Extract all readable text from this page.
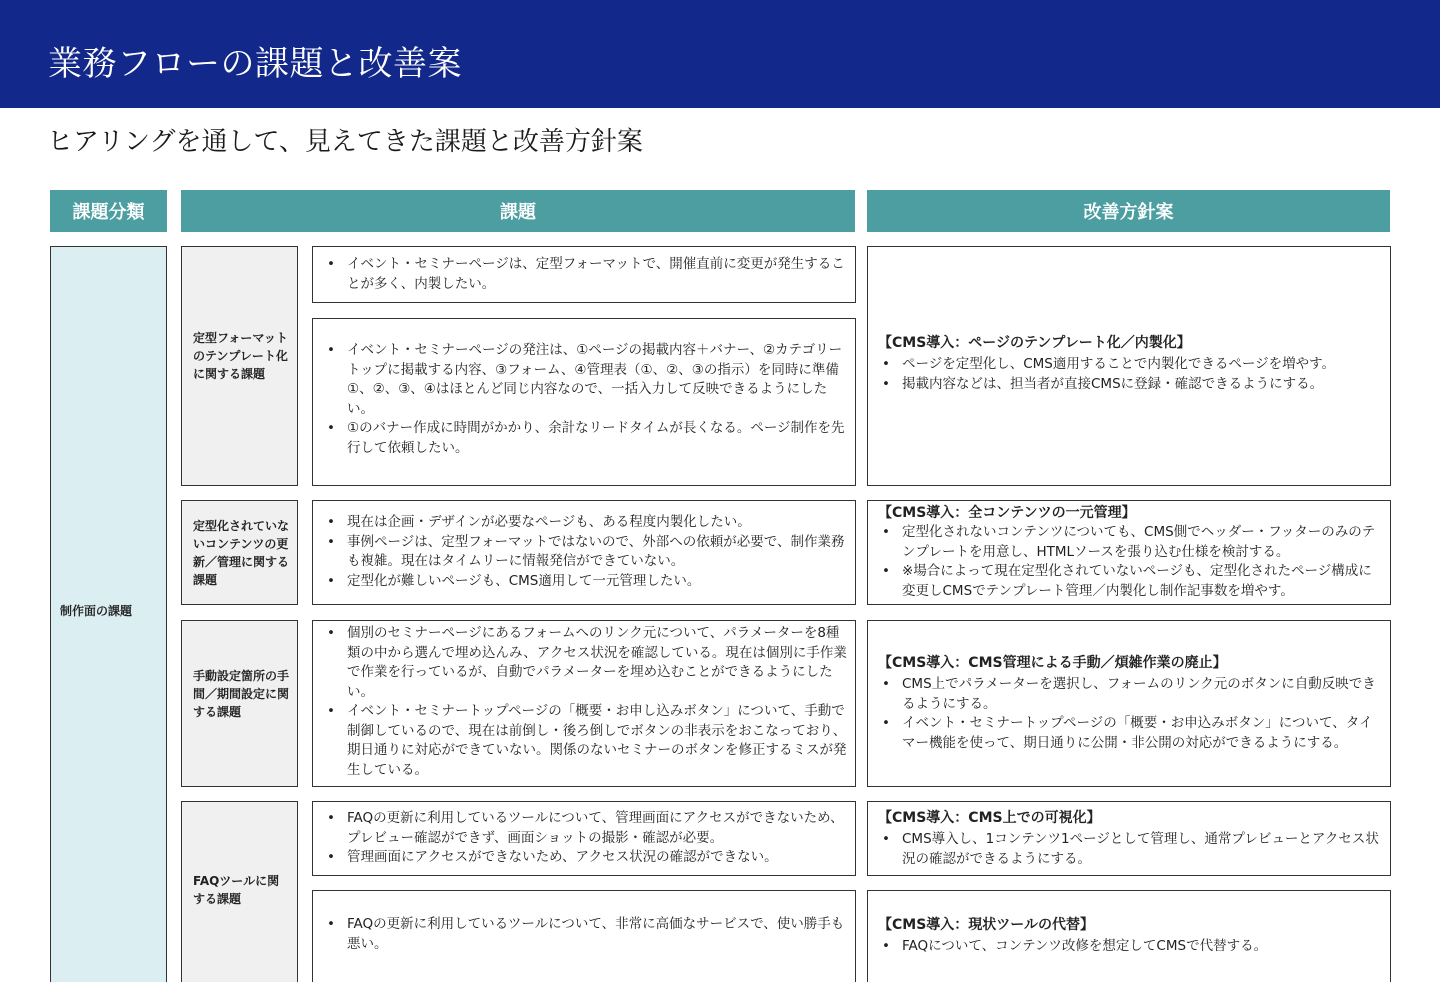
業務フローの課題と改善案
ヒアリングを通して、見えてきた課題と改善方針案
課題分類	課題	改善方針案
制作面の課題
定型フォーマットのテンプレート化に関する課題
定型化されていないコンテンツの更新／管理に関する課題
手動設定箇所の手間／期間設定に関する課題
FAQツールに関する課題
• イベント・セミナーページは、定型フォーマットで、開催直前に変更が発生することが多く、内製したい。
• イベント・セミナーページの発注は、①ページの掲載内容＋バナー、②カテゴリートップに掲載する内容、③フォーム、④管理表（①、②、③の指示）を同時に準備①、②、③、④はほとんど同じ内容なので、一括入力して反映できるようにしたい。
• ①のバナー作成に時間がかかり、余計なリードタイムが長くなる。ページ制作を先行して依頼したい。
• 現在は企画・デザインが必要なページも、ある程度内製化したい。
• 事例ページは、定型フォーマットではないので、外部への依頼が必要で、制作業務も複雑。現在はタイムリーに情報発信ができていない。
• 定型化が難しいページも、CMS適用して一元管理したい。
• 個別のセミナーページにあるフォームへのリンク元について、パラメーターを8種類の中から選んで埋め込んみ、アクセス状況を確認している。現在は個別に手作業で作業を行っているが、自動でパラメーターを埋め込むことができるようにしたい。
• イベント・セミナートップページの「概要・お申し込みボタン」について、手動で制御しているので、現在は前倒し・後ろ倒しでボタンの非表示をおこなっており、期日通りに対応ができていない。関係のないセミナーのボタンを修正するミスが発生している。
• FAQの更新に利用しているツールについて、管理画面にアクセスができないため、プレビュー確認ができず、画面ショットの撮影・確認が必要。
• 管理画面にアクセスができないため、アクセス状況の確認ができない。
• FAQの更新に利用しているツールについて、非常に高価なサービスで、使い勝手も悪い。
【CMS導入：ページのテンプレート化／内製化】
• ページを定型化し、CMS適用することで内製化できるページを増やす。
• 掲載内容などは、担当者が直接CMSに登録・確認できるようにする。
【CMS導入：全コンテンツの一元管理】
• 定型化されないコンテンツについても、CMS側でヘッダー・フッターのみのテンプレートを用意し、HTMLソースを張り込む仕様を検討する。
• ※場合によって現在定型化されていないページも、定型化されたページ構成に変更しCMSでテンプレート管理／内製化し制作記事数を増やす。
【CMS導入：CMS管理による手動／煩雑作業の廃止】
• CMS上でパラメーターを選択し、フォームのリンク元のボタンに自動反映できるようにする。
• イベント・セミナートップページの「概要・お申込みボタン」について、タイマー機能を使って、期日通りに公開・非公開の対応ができるようにする。
【CMS導入：CMS上での可視化】
• CMS導入し、1コンテンツ1ページとして管理し、通常プレビューとアクセス状況の確認ができるようにする。
【CMS導入：現状ツールの代替】
• FAQについて、コンテンツ改修を想定してCMSで代替する。
